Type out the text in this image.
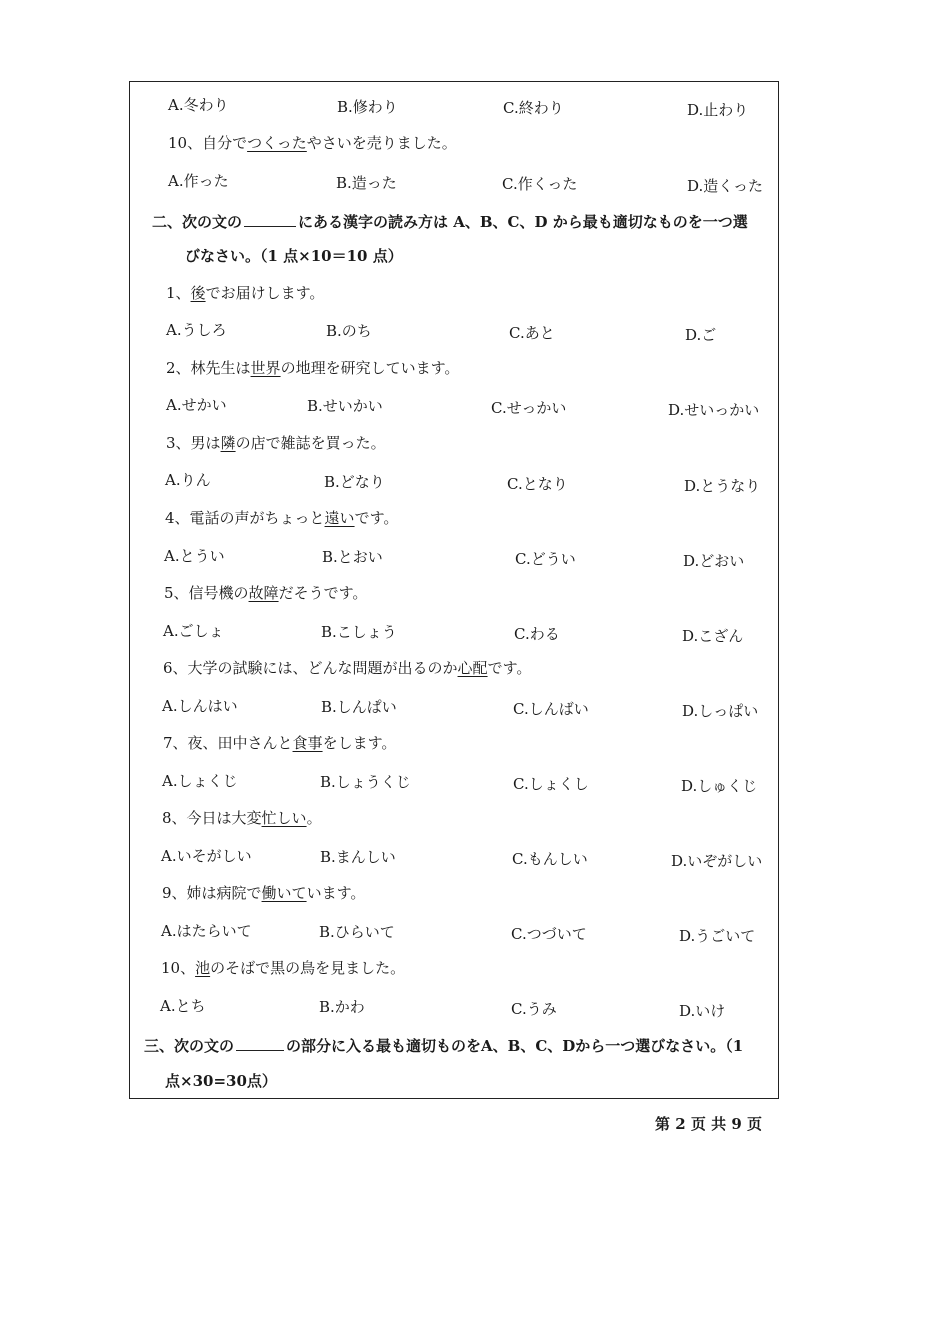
A.冬わり	B.修わり	C.終わり	D.止わり
10、自分でつくったやさいを売りました。
A.作った	B.造った	C.作くった	D.造くった
二、次の文の	にある漢字の読み方は A、B、C、D から最も適切なものを一つ選
びなさい。（1 点×10＝10 点）
1、後でお届けします。
A.うしろ	B.のち	C.あと	D.ご
2、林先生は世界の地理を研究しています。
A.せかい	B.せいかい	C.せっかい	D.せいっかい
3、男は隣の店で雑誌を買った。
A.りん	B.どなり	C.となり	D.とうなり
4、電話の声がちょっと遠いです。
A.とうい	B.とおい	C.どうい	D.どおい
5、信号機の故障だそうです。
A.ごしょ	B.こしょう	C.わる	D.こざん
6、大学の試験には、どんな問題が出るのか心配です。
A.しんはい	B.しんぱい	C.しんばい	D.しっぱい
7、夜、田中さんと食事をします。
A.しょくじ	B.しょうくじ	C.しょくし	D.しゅくじ
8、今日は大変忙しい。
A.いそがしい	B.まんしい	C.もんしい	D.いぞがしい
9、姉は病院で働いています。
A.はたらいて	B.ひらいて	C.つづいて	D.うごいて
10、池のそばで黒の鳥を見ました。
A.とち	B.かわ	C.うみ	D.いけ
三、次の文の	の部分に入る最も適切ものをA、B、C、Dから一つ選びなさい。（1
点×30=30点）
第 2 页 共 9 页
